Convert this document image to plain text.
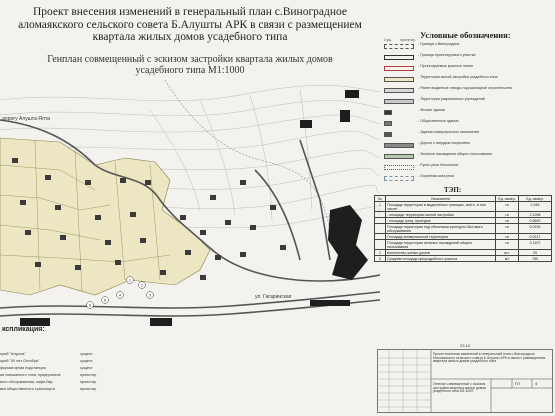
Проект внесения изменений в генеральный план с.Виноградное
аломаякского сельского совета Б.Алушты АРК в связи с размещением
квартала жилых домов усадебного типа
Генплан совмещенный с эскизом застройки квартала жилых домов
усадебного типа М1:1000
1
2
3
4
5
6
дорогу Алушта-Ялта
ул. Гагаринская
Условные обозначения:
Сущ. проектир.
- Граница с.Виноградное
- Граница проектируемого участка
- Проектируемые красные линии
- Территория жилой застройки усадебного типа
- Ранее выданные отводы под жилищное строительство
- Территория разрешенных учреждений
- Жилые здания
- Общественные здания
- Здания коммунального назначения
- Дороги с твердым покрытием
- Зеленые насаждения общего пользования
- Русло реки Чельмонче
- Охранная зона реки
ТЭП:
№	Показатели	Ед. измер.	Ед. измер.
1	Площадь территории в выделенных границах, всего, в том числе:	га	2.945
	- площадь территории жилой застройки	га	2.1998
	- площадь улиц, проездов	га	0.5692
	Площадь территории под объектами культурно-бытового обслуживания	га	0.0234
	Площадь коммунальной территории	га	0.0217
	Площадь территории зеленых насаждений общего пользования	га	0.1107
2	Количество жилых домов	шт.	29
3	Средняя площадь приусадебного участка	м2	780
кспликация:
орий "Алушта"	сущест.
орий "50 лет Октября"	сущест.
форматорная подстанция	сущест.
ии смешанного типа, предприятие	проектир.
вого обслуживания, кафе-бар	проектир.
вка общественного транспорта	проектир.
23.10
Проект внесения изменений в генеральный план с.Виноградное Малоаякского сельского совета Б.Алушты АРК в связи с размещением квартала жилых домов усадебного типа
Генплан совмещенный с эскизом застройки квартала жилых домов усадебного типа М1:1000
ГП	4
